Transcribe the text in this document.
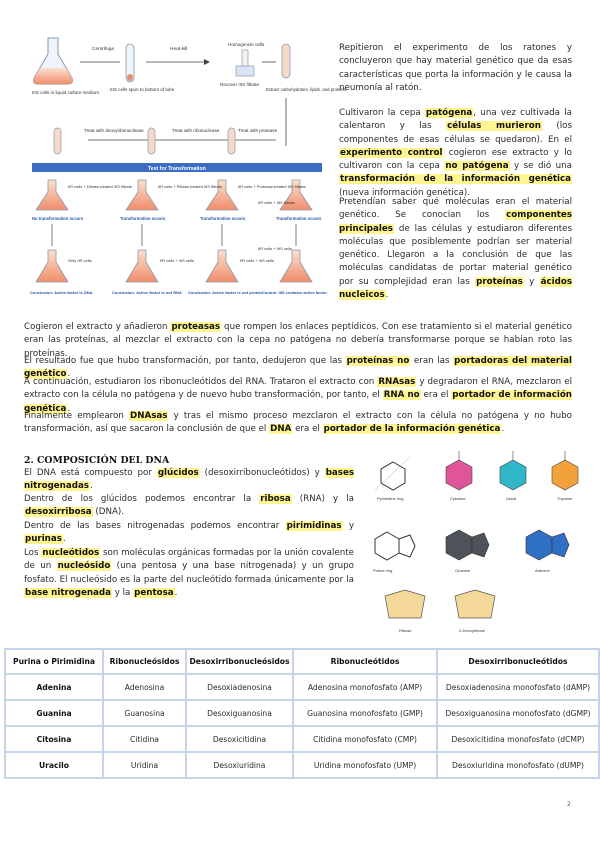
IIIS cells in liquid culture medium
Centrifuge
IIIS cells spun to bottom of tube
Heat-kill
Homogenize cells
Recover IIIS filtrate
Extract carbohydrates, lipids, and proteins
Treat with deoxyribonuclease	Treat with ribonuclease	Treat with protease
Test for Transformation
IIR cells + DNase-treated IIIS filtrate	IIR cells + RNase-treated IIIS filtrate	IIR cells + Protease-treated IIIS filtrate
IIR cells + IIIS filtrate
No transformation occurs	Transformation occurs	Transformation occurs	Transformation occurs
Only IIR cells	IIR cells + IIIS cells	IIR cells + IIIS cells
IIR cells + IIIS cells
Conclusion: Active factor is DNA	Conclusion: Active factor is not RNA Conclusion: Active factor is not protein Control: IIIS contains active factor

Repitieron el experimento de los ratones y concluyeron que hay material genético que da esas características que porta la información y le causa la neumonía al ratón.

Cultivaron la cepa patógena, una vez cultivada la calentaron y las células murieron (los componentes de esas células se quedaron). En el experimento control cogieron ese extracto y lo cultivaron con la cepa no patógena y se dió una transformación de la información genética (nueva información genética).

Pretendían saber qué moléculas eran el material genético. Se conocían los componentes principales de las células y estudiaron diferentes moléculas que posiblemente podrían ser material genético. Llegaron a la conclusión de que las moléculas candidatas de portar material genético por su complejidad eran las proteínas y ácidos nucleicos.

Cogieron el extracto y añadieron proteasas que rompen los enlaces peptídicos. Con ese tratamiento si el material genético eran las proteínas, al mezclar el extracto con la cepa no patógena no debería transformarse porque se habían roto las proteínas.

El resultado fue que hubo transformación, por tanto, dedujeron que las proteínas no eran las portadoras del material genético.

A continuación, estudiaron los ribonucleótidos del RNA. Trataron el extracto con RNAsas y degradaron el RNA, mezclaron el extracto con la célula no patógena y de nuevo hubo transformación, por tanto, el RNA no era el portador de información genética.

Finalmente emplearon DNAsas y tras el mismo proceso mezclaron el extracto con la célula no patógena y no hubo transformación, así que sacaron la conclusión de que el DNA era el portador de la información genética.

2. COMPOSICIÓN DEL DNA

El DNA está compuesto por glúcidos (desoxirribonucleótidos) y bases nitrogenadas.

Dentro de los glúcidos podemos encontrar la ribosa (RNA) y la desoxirribosa (DNA).

Dentro de las bases nitrogenadas podemos encontrar pirimidinas y purinas.

Los nucleótidos son moléculas orgánicas formadas por la unión covalente de un nucleósido (una pentosa y una base nitrogenada) y un grupo fosfato. El nucleósido es la parte del nucleótido formada únicamente por la base nitrogenada y la pentosa.

Pyrimidine ring	Cytosine	Uracil	Thymine
Purine ring	Guanine	Adenine
Ribose	2-Deoxyribose
Purina o Pirimidina	Ribonucleósidos	Desoxirribonucleósidos	Ribonucleótidos	Desoxirribonucleótidos
Adenina	Adenosina	Desoxiadenosina	Adenosina monofosfato (AMP)	Desoxiadenosina monofosfato (dAMP)
Guanina	Guanosina	Desoxiguanosina	Guanosina monofosfato (GMP)	Desoxiguanosina monofosfato (dGMP)
Citosina	Citidina	Desoxicitidina	Citidina monofosfato (CMP)	Desoxicitidina monofosfato (dCMP)
Uracilo	Uridina	Desoxiuridina	Uridina monofosfato (UMP)	Desoxiuridina monofosfato (dUMP)
2
